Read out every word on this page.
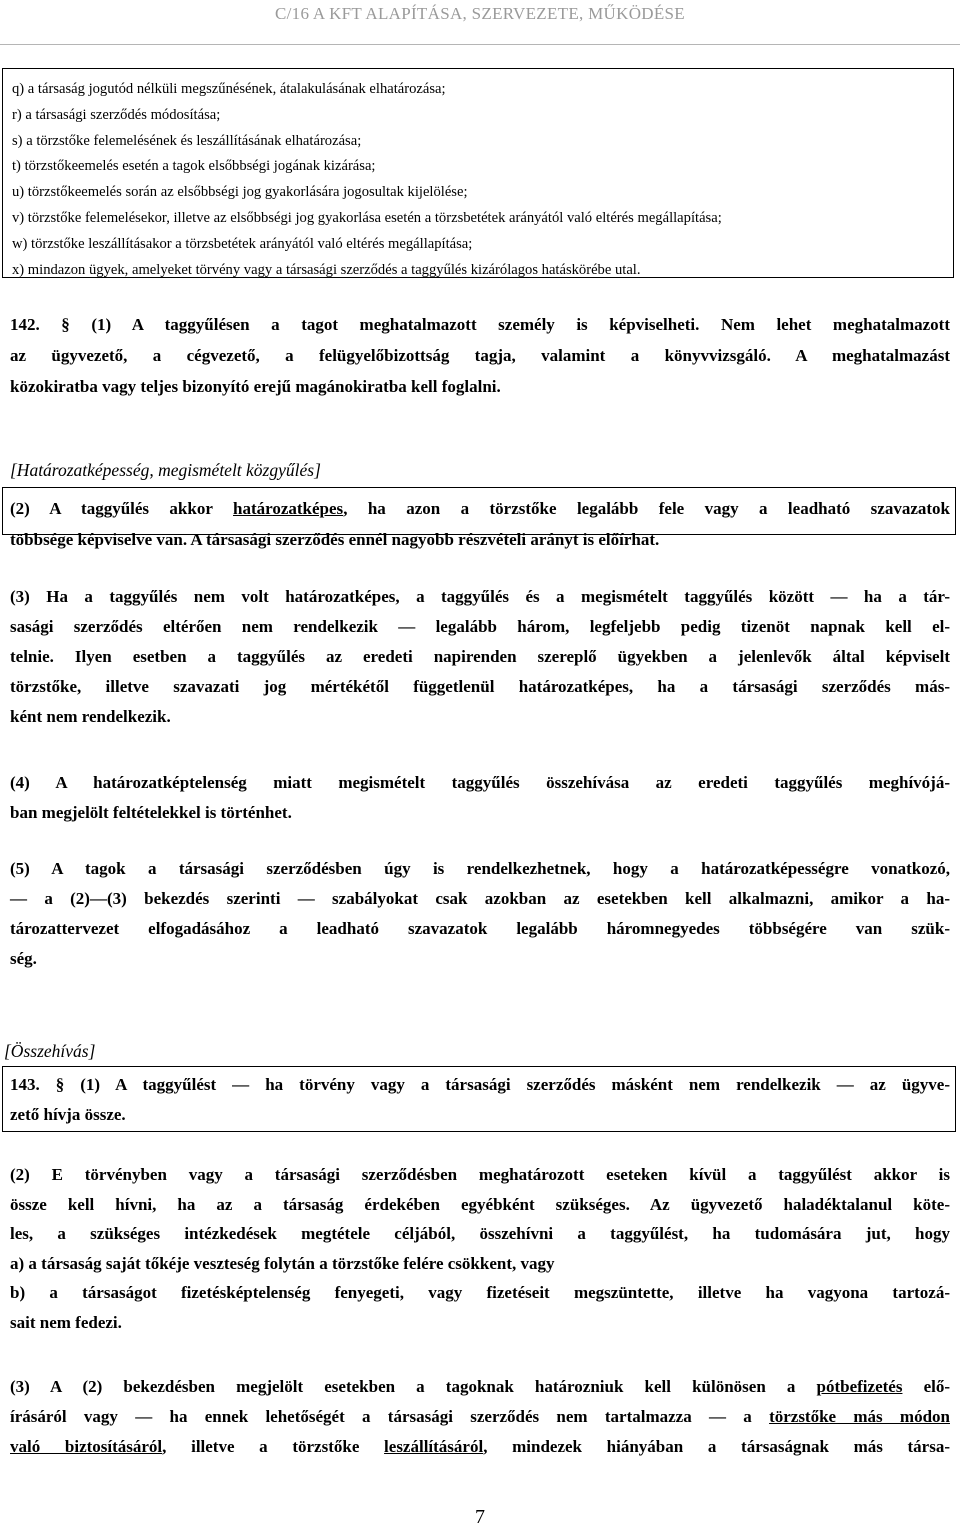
C/16 A KFT ALAPÍTÁSA, SZERVEZETE, MŰKÖDÉSE
q) a társaság jogutód nélküli megszűnésének, átalakulásának elhatározása;
r) a társasági szerződés módosítása;
s) a törzstőke felemelésének és leszállításának elhatározása;
t) törzstőkeemelés esetén a tagok elsőbbségi jogának kizárása;
u) törzstőkeemelés során az elsőbbségi jog gyakorlására jogosultak kijelölése;
v) törzstőke felemelésekor, illetve az elsőbbségi jog gyakorlása esetén a törzsbetétek arányától való eltérés megállapítása;
w) törzstőke leszállításakor a törzsbetétek arányától való eltérés megállapítása;
x) mindazon ügyek, amelyeket törvény vagy a társasági szerződés a taggyűlés kizárólagos hatáskörébe utal.
142. § (1) A taggyűlésen a tagot meghatalmazott személy is képviselheti. Nem lehet meghatalmazott
az ügyvezető, a cégvezető, a felügyelőbizottság tagja, valamint a könyvvizsgáló. A meghatalmazást
közokiratba vagy teljes bizonyító erejű magánokiratba kell foglalni.
[Határozatképesség, megismételt közgyűlés]
(2) A taggyűlés akkor határozatképes, ha azon a törzstőke legalább fele vagy a leadható szavazatok
többsége képviselve van. A társasági szerződés ennél nagyobb részvételi arányt is előírhat.
(3) Ha a taggyűlés nem volt határozatképes, a taggyűlés és a megismételt taggyűlés között — ha a tár-
sasági szerződés eltérően nem rendelkezik — legalább három, legfeljebb pedig tizenöt napnak kell el-
telnie. Ilyen esetben a taggyűlés az eredeti napirenden szereplő ügyekben a jelenlevők által képviselt
törzstőke, illetve szavazati jog mértékétől függetlenül határozatképes, ha a társasági szerződés más-
ként nem rendelkezik.
(4) A határozatképtelenség miatt megismételt taggyűlés összehívása az eredeti taggyűlés meghívójá-
ban megjelölt feltételekkel is történhet.
(5) A tagok a társasági szerződésben úgy is rendelkezhetnek, hogy a határozatképességre vonatkozó,
— a (2)—(3) bekezdés szerinti — szabályokat csak azokban az esetekben kell alkalmazni, amikor a ha-
tározattervezet elfogadásához a leadható szavazatok legalább háromnegyedes többségére van szük-
ség.
[Összehívás]
143. § (1) A taggyűlést — ha törvény vagy a társasági szerződés másként nem rendelkezik — az ügyve-
zető hívja össze.
(2) E törvényben vagy a társasági szerződésben meghatározott eseteken kívül a taggyűlést akkor is
össze kell hívni, ha az a társaság érdekében egyébként szükséges. Az ügyvezető haladéktalanul köte-
les, a szükséges intézkedések megtétele céljából, összehívni a taggyűlést, ha tudomására jut, hogy
a) a társaság saját tőkéje veszteség folytán a törzstőke felére csökkent, vagy
b) a társaságot fizetésképtelenség fenyegeti, vagy fizetéseit megszüntette, illetve ha vagyona tartozá-
sait nem fedezi.
(3) A (2) bekezdésben megjelölt esetekben a tagoknak határozniuk kell különösen a pótbefizetés elő-
írásáról vagy — ha ennek lehetőségét a társasági szerződés nem tartalmazza — a törzstőke más módon
való biztosításáról, illetve a törzstőke leszállításáról, mindezek hiányában a társaságnak más társa-
7
